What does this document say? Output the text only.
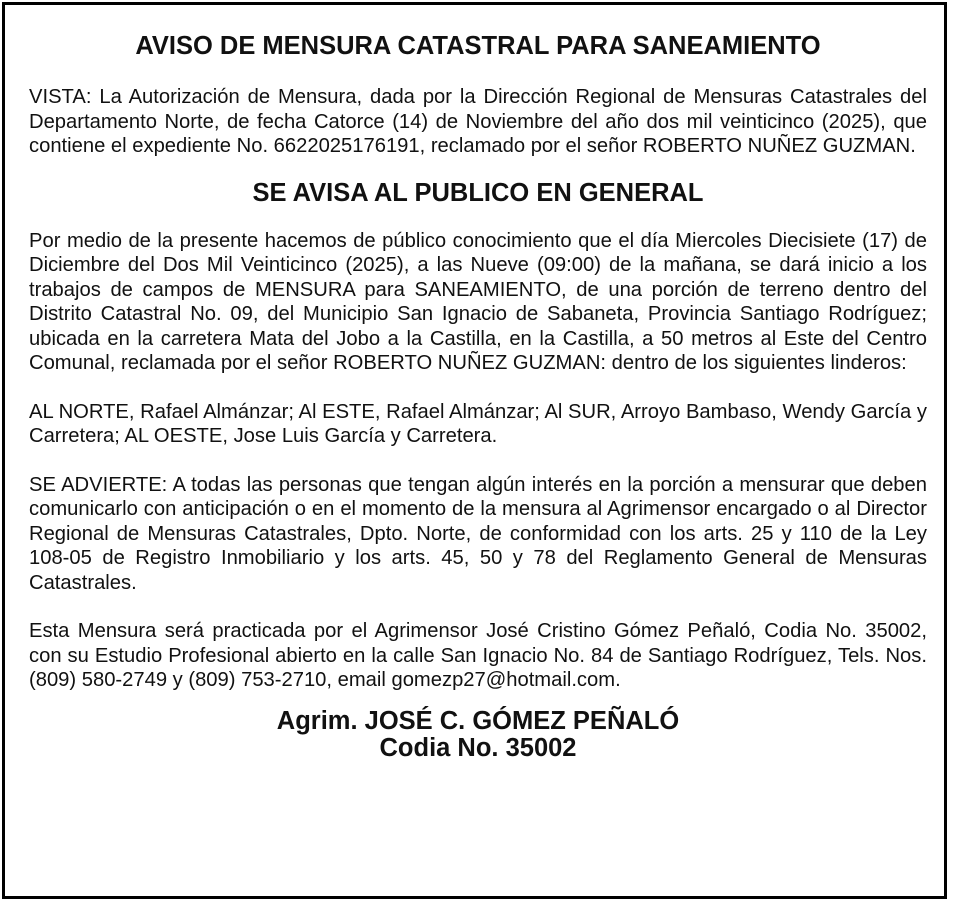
AVISO DE MENSURA CATASTRAL PARA SANEAMIENTO

VISTA: La Autorización de Mensura, dada por la Dirección Regional de Mensuras Catastrales del Departamento Norte, de fecha Catorce (14) de Noviembre del año dos mil veinticinco (2025), que contiene el expediente No. 6622025176191, reclamado por el señor ROBERTO NUÑEZ GUZMAN.

SE AVISA AL PUBLICO EN GENERAL

Por medio de la presente hacemos de público conocimiento que el día Miercoles Diecisiete (17) de Diciembre del Dos Mil Veinticinco (2025), a las Nueve (09:00) de la mañana, se dará inicio a los trabajos de campos de MENSURA para SANEAMIENTO, de una porción de terreno dentro del Distrito Catastral No. 09, del Municipio San Ignacio de Sabaneta, Provincia Santiago Rodríguez; ubicada en la carretera Mata del Jobo a la Castilla, en la Castilla, a 50 metros al Este del Centro Comunal, reclamada por el señor ROBERTO NUÑEZ GUZMAN: dentro de los siguientes linderos:

AL NORTE, Rafael Almánzar; Al ESTE, Rafael Almánzar; Al SUR, Arroyo Bambaso, Wendy García y Carretera; AL OESTE, Jose Luis García y Carretera.

SE ADVIERTE: A todas las personas que tengan algún interés en la porción a mensurar que deben comunicarlo con anticipación o en el momento de la mensura al Agrimensor encargado o al Director Regional de Mensuras Catastrales, Dpto. Norte, de conformidad con los arts. 25 y 110 de la Ley 108-05 de Registro Inmobiliario y los arts. 45, 50 y 78 del Reglamento General de Mensuras Catastrales.

Esta Mensura será practicada por el Agrimensor José Cristino Gómez Peñaló, Codia No. 35002, con su Estudio Profesional abierto en la calle San Ignacio No. 84 de Santiago Rodríguez, Tels. Nos. (809) 580-2749 y (809) 753-2710, email gomezp27@hotmail.com.

Agrim. JOSÉ C. GÓMEZ PEÑALÓ
Codia No. 35002
